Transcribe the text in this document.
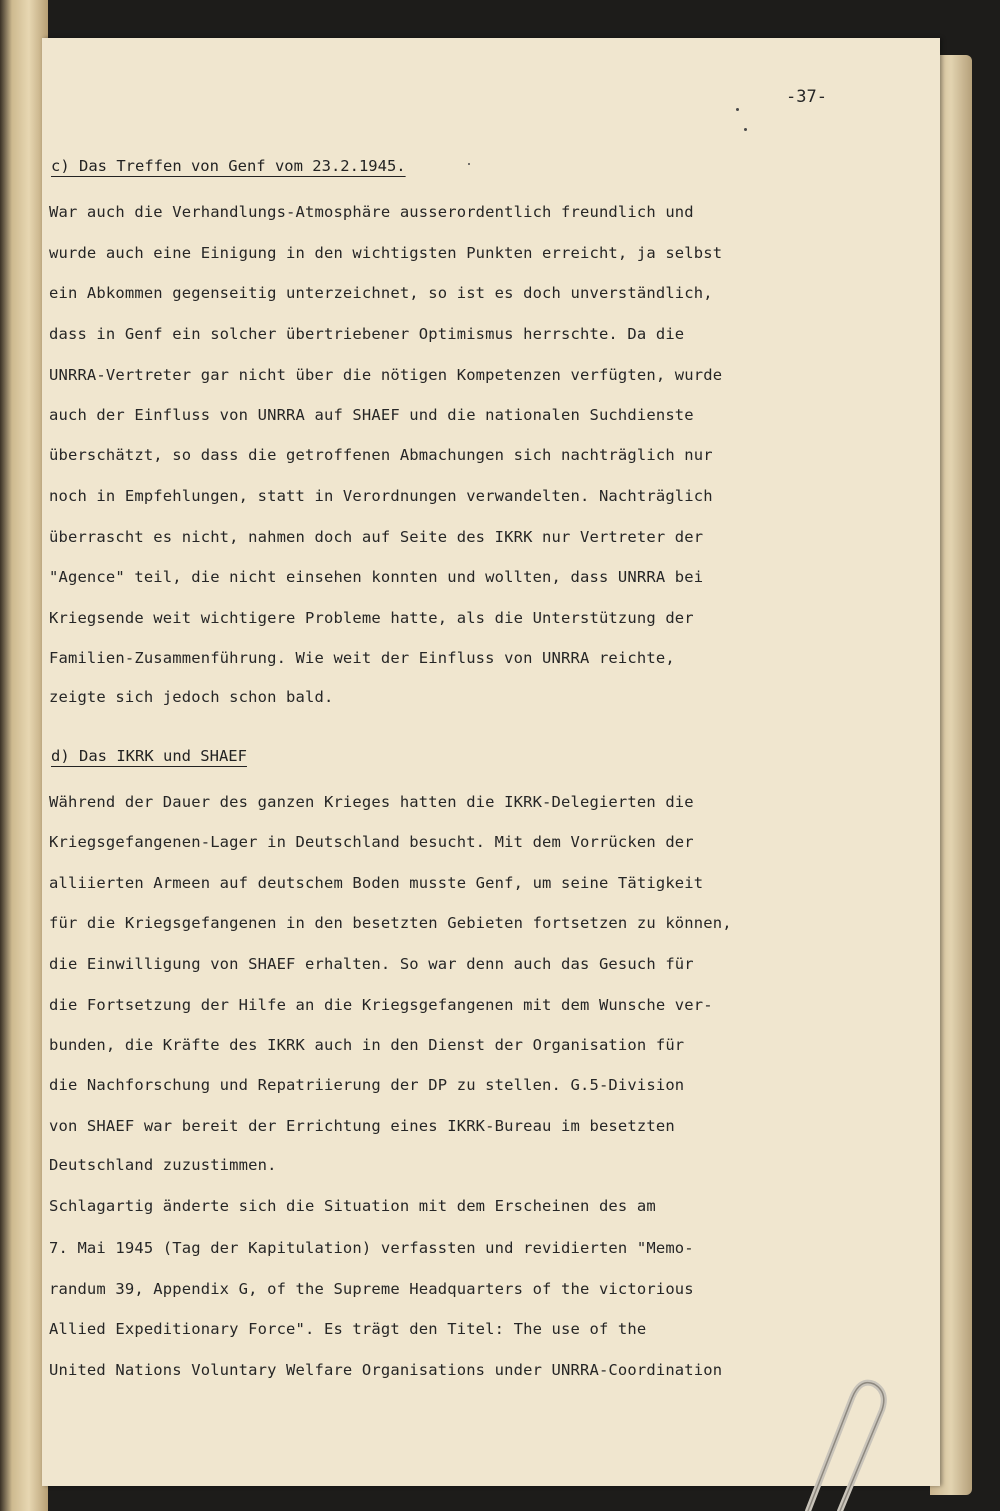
-37-
c) Das Treffen von Genf vom 23.2.1945.
War auch die Verhandlungs-Atmosphäre ausserordentlich freundlich und
wurde auch eine Einigung in den wichtigsten Punkten erreicht, ja selbst
ein Abkommen gegenseitig unterzeichnet, so ist es doch unverständlich,
dass in Genf ein solcher übertriebener Optimismus herrschte. Da die
UNRRA-Vertreter gar nicht über die nötigen Kompetenzen verfügten, wurde
auch der Einfluss von UNRRA auf SHAEF und die nationalen Suchdienste
überschätzt, so dass die getroffenen Abmachungen sich nachträglich nur
noch in Empfehlungen, statt in Verordnungen verwandelten. Nachträglich
überrascht es nicht, nahmen doch auf Seite des IKRK nur Vertreter der
"Agence" teil, die nicht einsehen konnten und wollten, dass UNRRA bei
Kriegsende weit wichtigere Probleme hatte, als die Unterstützung der
Familien-Zusammenführung. Wie weit der Einfluss von UNRRA reichte,
zeigte sich jedoch schon bald.
d) Das IKRK und SHAEF
Während der Dauer des ganzen Krieges hatten die IKRK-Delegierten die
Kriegsgefangenen-Lager in Deutschland besucht. Mit dem Vorrücken der
alliierten Armeen auf deutschem Boden musste Genf, um seine Tätigkeit
für die Kriegsgefangenen in den besetzten Gebieten fortsetzen zu können,
die Einwilligung von SHAEF erhalten. So war denn auch das Gesuch für
die Fortsetzung der Hilfe an die Kriegsgefangenen mit dem Wunsche ver-
bunden, die Kräfte des IKRK auch in den Dienst der Organisation für
die Nachforschung und Repatriierung der DP zu stellen. G.5-Division
von SHAEF war bereit der Errichtung eines IKRK-Bureau im besetzten
Deutschland zuzustimmen.
Schlagartig änderte sich die Situation mit dem Erscheinen des am
7. Mai 1945 (Tag der Kapitulation) verfassten und revidierten "Memo-
randum 39, Appendix G, of the Supreme Headquarters of the victorious
Allied Expeditionary Force". Es trägt den Titel: The use of the
United Nations Voluntary Welfare Organisations under UNRRA-Coordination
